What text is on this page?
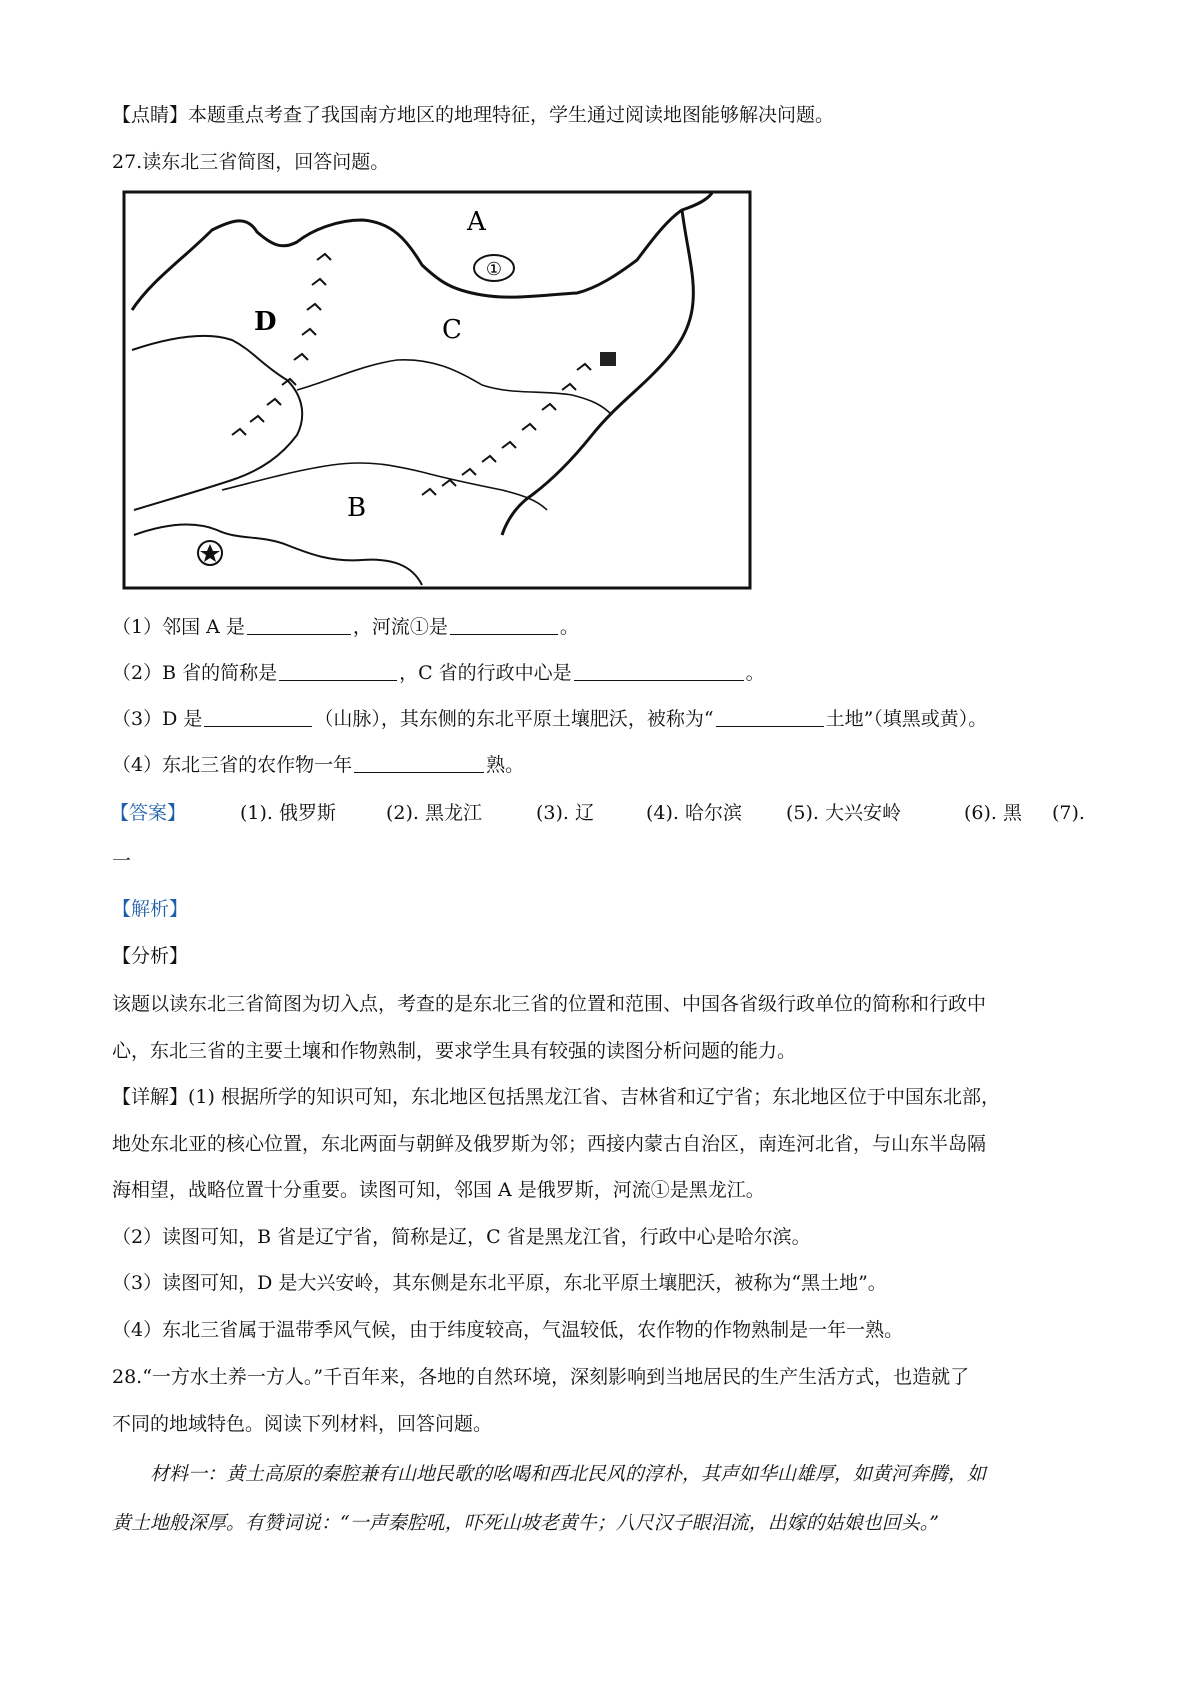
【点睛】本题重点考查了我国南方地区的地理特征，学生通过阅读地图能够解决问题。
27.读东北三省简图，回答问题。
①
A
C
D
B
（1）邻国 A 是	，河流①是	。
（2）B 省的简称是	，C 省的行政中心是	。
（3）D 是	（山脉），其东侧的东北平原土壤肥沃，被称为“	土地”（填黑或黄）。
（4）东北三省的农作物一年	熟。
【答案】	(1). 俄罗斯	(2). 黑龙江	(3). 辽	(4). 哈尔滨 (5). 大兴安岭	(6). 黑 (7).
一
【解析】
【分析】
该题以读东北三省简图为切入点，考查的是东北三省的位置和范围、中国各省级行政单位的简称和行政中
心，东北三省的主要土壤和作物熟制，要求学生具有较强的读图分析问题的能力。
【详解】(1) 根据所学的知识可知，东北地区包括黑龙江省、吉林省和辽宁省；东北地区位于中国东北部，
地处东北亚的核心位置，东北两面与朝鲜及俄罗斯为邻；西接内蒙古自治区，南连河北省，与山东半岛隔
海相望，战略位置十分重要。读图可知，邻国 A 是俄罗斯，河流①是黑龙江。
（2）读图可知，B 省是辽宁省，简称是辽，C 省是黑龙江省，行政中心是哈尔滨。
（3）读图可知，D 是大兴安岭，其东侧是东北平原，东北平原土壤肥沃，被称为“黑土地”。
（4）东北三省属于温带季风气候，由于纬度较高，气温较低，农作物的作物熟制是一年一熟。
28.“一方水土养一方人。”千百年来，各地的自然环境，深刻影响到当地居民的生产生活方式，也造就了
不同的地域特色。阅读下列材料，回答问题。
材料一：黄土高原的秦腔兼有山地民歌的吆喝和西北民风的淳朴，其声如华山雄厚，如黄河奔腾，如
黄土地般深厚。有赞词说：“一声秦腔吼，吓死山坡老黄牛；八尺汉子眼泪流，出嫁的姑娘也回头。”
